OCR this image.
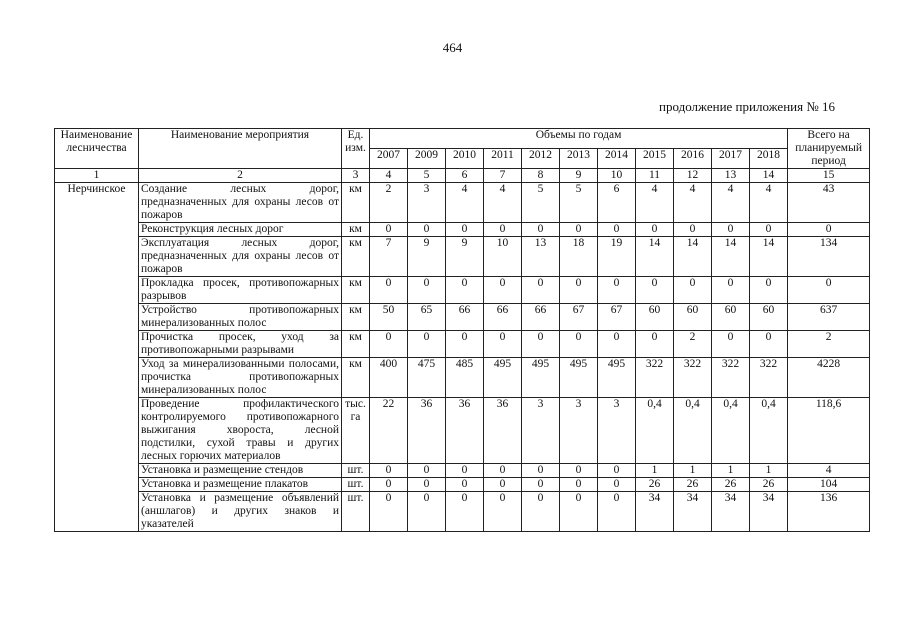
464
продолжение приложения № 16
Наименование лесничества	Наименование мероприятия	Ед. изм.	Объемы по годам											Всего на планируемый период
			2007	2009	2010	2011	2012	2013	2014	2015	2016	2017	2018	
1	2	3	4	5	6	7	8	9	10	11	12	13	14	15
Нерчинское	Создание лесных дорог, предназначенных для охраны лесов от пожаров	км	2	3	4	4	5	5	6	4	4	4	4	43
	Реконструкция лесных дорог	км	0	0	0	0	0	0	0	0	0	0	0	0
	Эксплуатация лесных дорог, предназначенных для охраны лесов от пожаров	км	7	9	9	10	13	18	19	14	14	14	14	134
	Прокладка просек, противопожарных разрывов	км	0	0	0	0	0	0	0	0	0	0	0	0
	Устройство противопожарных минерализованных полос	км	50	65	66	66	66	67	67	60	60	60	60	637
	Прочистка просек, уход за противопожарными разрывами	км	0	0	0	0	0	0	0	0	2	0	0	2
	Уход за минерализованными полосами, прочистка противопожарных минерализованных полос	км	400	475	485	495	495	495	495	322	322	322	322	4228
	Проведение профилактического контролируемого противопожарного выжигания хвороста, лесной подстилки, сухой травы и других лесных горючих материалов	тыс. га	22	36	36	36	3	3	3	0,4	0,4	0,4	0,4	118,6
	Установка и размещение стендов	шт.	0	0	0	0	0	0	0	1	1	1	1	4
	Установка и размещение плакатов	шт.	0	0	0	0	0	0	0	26	26	26	26	104
	Установка и размещение объявлений (аншлагов) и других знаков и указателей	шт.	0	0	0	0	0	0	0	34	34	34	34	136
